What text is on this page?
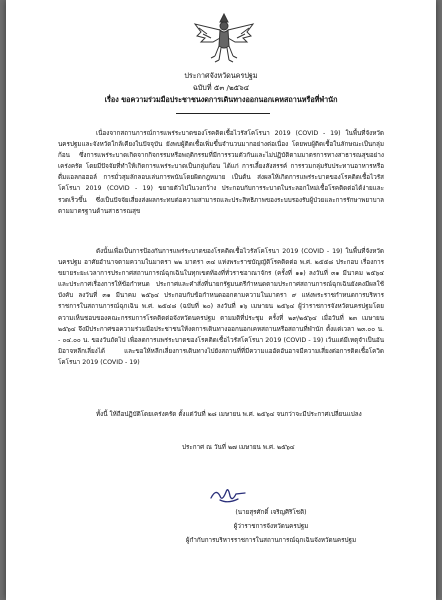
ประกาศจังหวัดนครปฐม
ฉบับที่ ๕๓ /๒๕๖๔
เรื่อง ขอความร่วมมือประชาชนงดการเดินทางออกนอกเคหสถานหรือที่พำนัก

เนื่องจากสถานการณ์การแพร่ระบาดของโรคติดเชื้อไวรัสโคโรนา 2019 (COVID - 19) ในพื้นที่จังหวัดนครปฐมและจังหวัดใกล้เคียงในปัจจุบัน ยังพบผู้ติดเชื้อเพิ่มขึ้นจำนวนมากอย่างต่อเนื่อง โดยพบผู้ติดเชื้อในลักษณะเป็นกลุ่มก้อน ซึ่งการแพร่ระบาดเกิดจากกิจกรรมหรือพฤติกรรมที่มีการรวมตัวกันและไม่ปฏิบัติตามมาตรการทางสาธารณสุขอย่างเคร่งครัด โดยมีปัจจัยที่ทำให้เกิดการแพร่ระบาดเป็นกลุ่มก้อน ได้แก่ การเลี้ยงสังสรรค์ การรวมกลุ่มรับประทานอาหารหรือดื่มแอลกอฮอล์ การมั่วสุมลักลอบเล่นการพนันโดยผิดกฎหมาย เป็นต้น ส่งผลให้เกิดการแพร่ระบาดของโรคติดเชื้อไวรัสโคโรนา 2019 (COVID - 19) ขยายตัวไปในวงกว้าง ประกอบกับการระบาดในระลอกใหม่เชื้อโรคติดต่อได้ง่ายและรวดเร็วขึ้น ซึ่งเป็นปัจจัยเสี่ยงส่งผลกระทบต่อความสามารถและประสิทธิภาพของระบบรองรับผู้ป่วยและการรักษาพยาบาลตามมาตรฐานด้านสาธารณสุข

ดังนั้นเพื่อเป็นการป้องกันการแพร่ระบาดของโรคติดเชื้อไวรัสโคโรนา 2019 (COVID - 19) ในพื้นที่จังหวัดนครปฐม อาศัยอำนาจตามความในมาตรา ๒๒ มาตรา ๓๔ แห่งพระราชบัญญัติโรคติดต่อ พ.ศ. ๒๕๕๘ ประกอบ เรื่องการขยายระยะเวลาการประกาศสถานการณ์ฉุกเฉินในทุกเขตท้องที่ทั่วราชอาณาจักร (ครั้งที่ ๑๑) ลงวันที่ ๓๑ มีนาคม ๒๕๖๔ และประกาศเรื่องการให้ข้อกำหนด ประกาศและคำสั่งที่นายกรัฐมนตรีกำหนดตามประกาศสถานการณ์ฉุกเฉินยังคงมีผลใช้บังคับ ลงวันที่ ๓๑ มีนาคม ๒๕๖๔ ประกอบกับข้อกำหนดออกตามความในมาตรา ๙ แห่งพระราชกำหนดการบริหารราชการในสถานการณ์ฉุกเฉิน พ.ศ. ๒๕๔๘ (ฉบับที่ ๒๐) ลงวันที่ ๑๖ เมษายน ๒๕๖๔ ผู้ว่าราชการจังหวัดนครปฐมโดยความเห็นชอบของคณะกรรมการโรคติดต่อจังหวัดนครปฐม ตามมติที่ประชุม ครั้งที่ ๒๙/๒๕๖๔ เมื่อวันที่ ๒๓ เมษายน ๒๕๖๔ จึงมีประกาศขอความร่วมมือประชาชนให้งดการเดินทางออกนอกเคหสถานหรือสถานที่พำนัก ตั้งแต่เวลา ๒๓.๐๐ น. - ๐๔.๐๐ น. ของวันถัดไป เพื่อลดการแพร่ระบาดของโรคติดเชื้อไวรัสโคโรนา 2019 (COVID - 19) เว้นแต่มีเหตุจำเป็นอันมิอาจหลีกเลี่ยงได้ และขอให้หลีกเลี่ยงการเดินทางไปยังสถานที่ที่มีความแออัดอันอาจมีความเสี่ยงต่อการติดเชื้อโควิดโคโรนา 2019 (COVID - 19)

ทั้งนี้ ให้ถือปฏิบัติโดยเคร่งครัด ตั้งแต่วันที่ ๒๘ เมษายน พ.ศ. ๒๕๖๔ จนกว่าจะมีประกาศเปลี่ยนแปลง

ประกาศ ณ วันที่ ๒๗ เมษายน พ.ศ. ๒๕๖๔
(นายสุรศักดิ์ เจริญศิริโชติ)
ผู้ว่าราชการจังหวัดนครปฐม
ผู้กำกับการบริหารราชการในสถานการณ์ฉุกเฉินจังหวัดนครปฐม
